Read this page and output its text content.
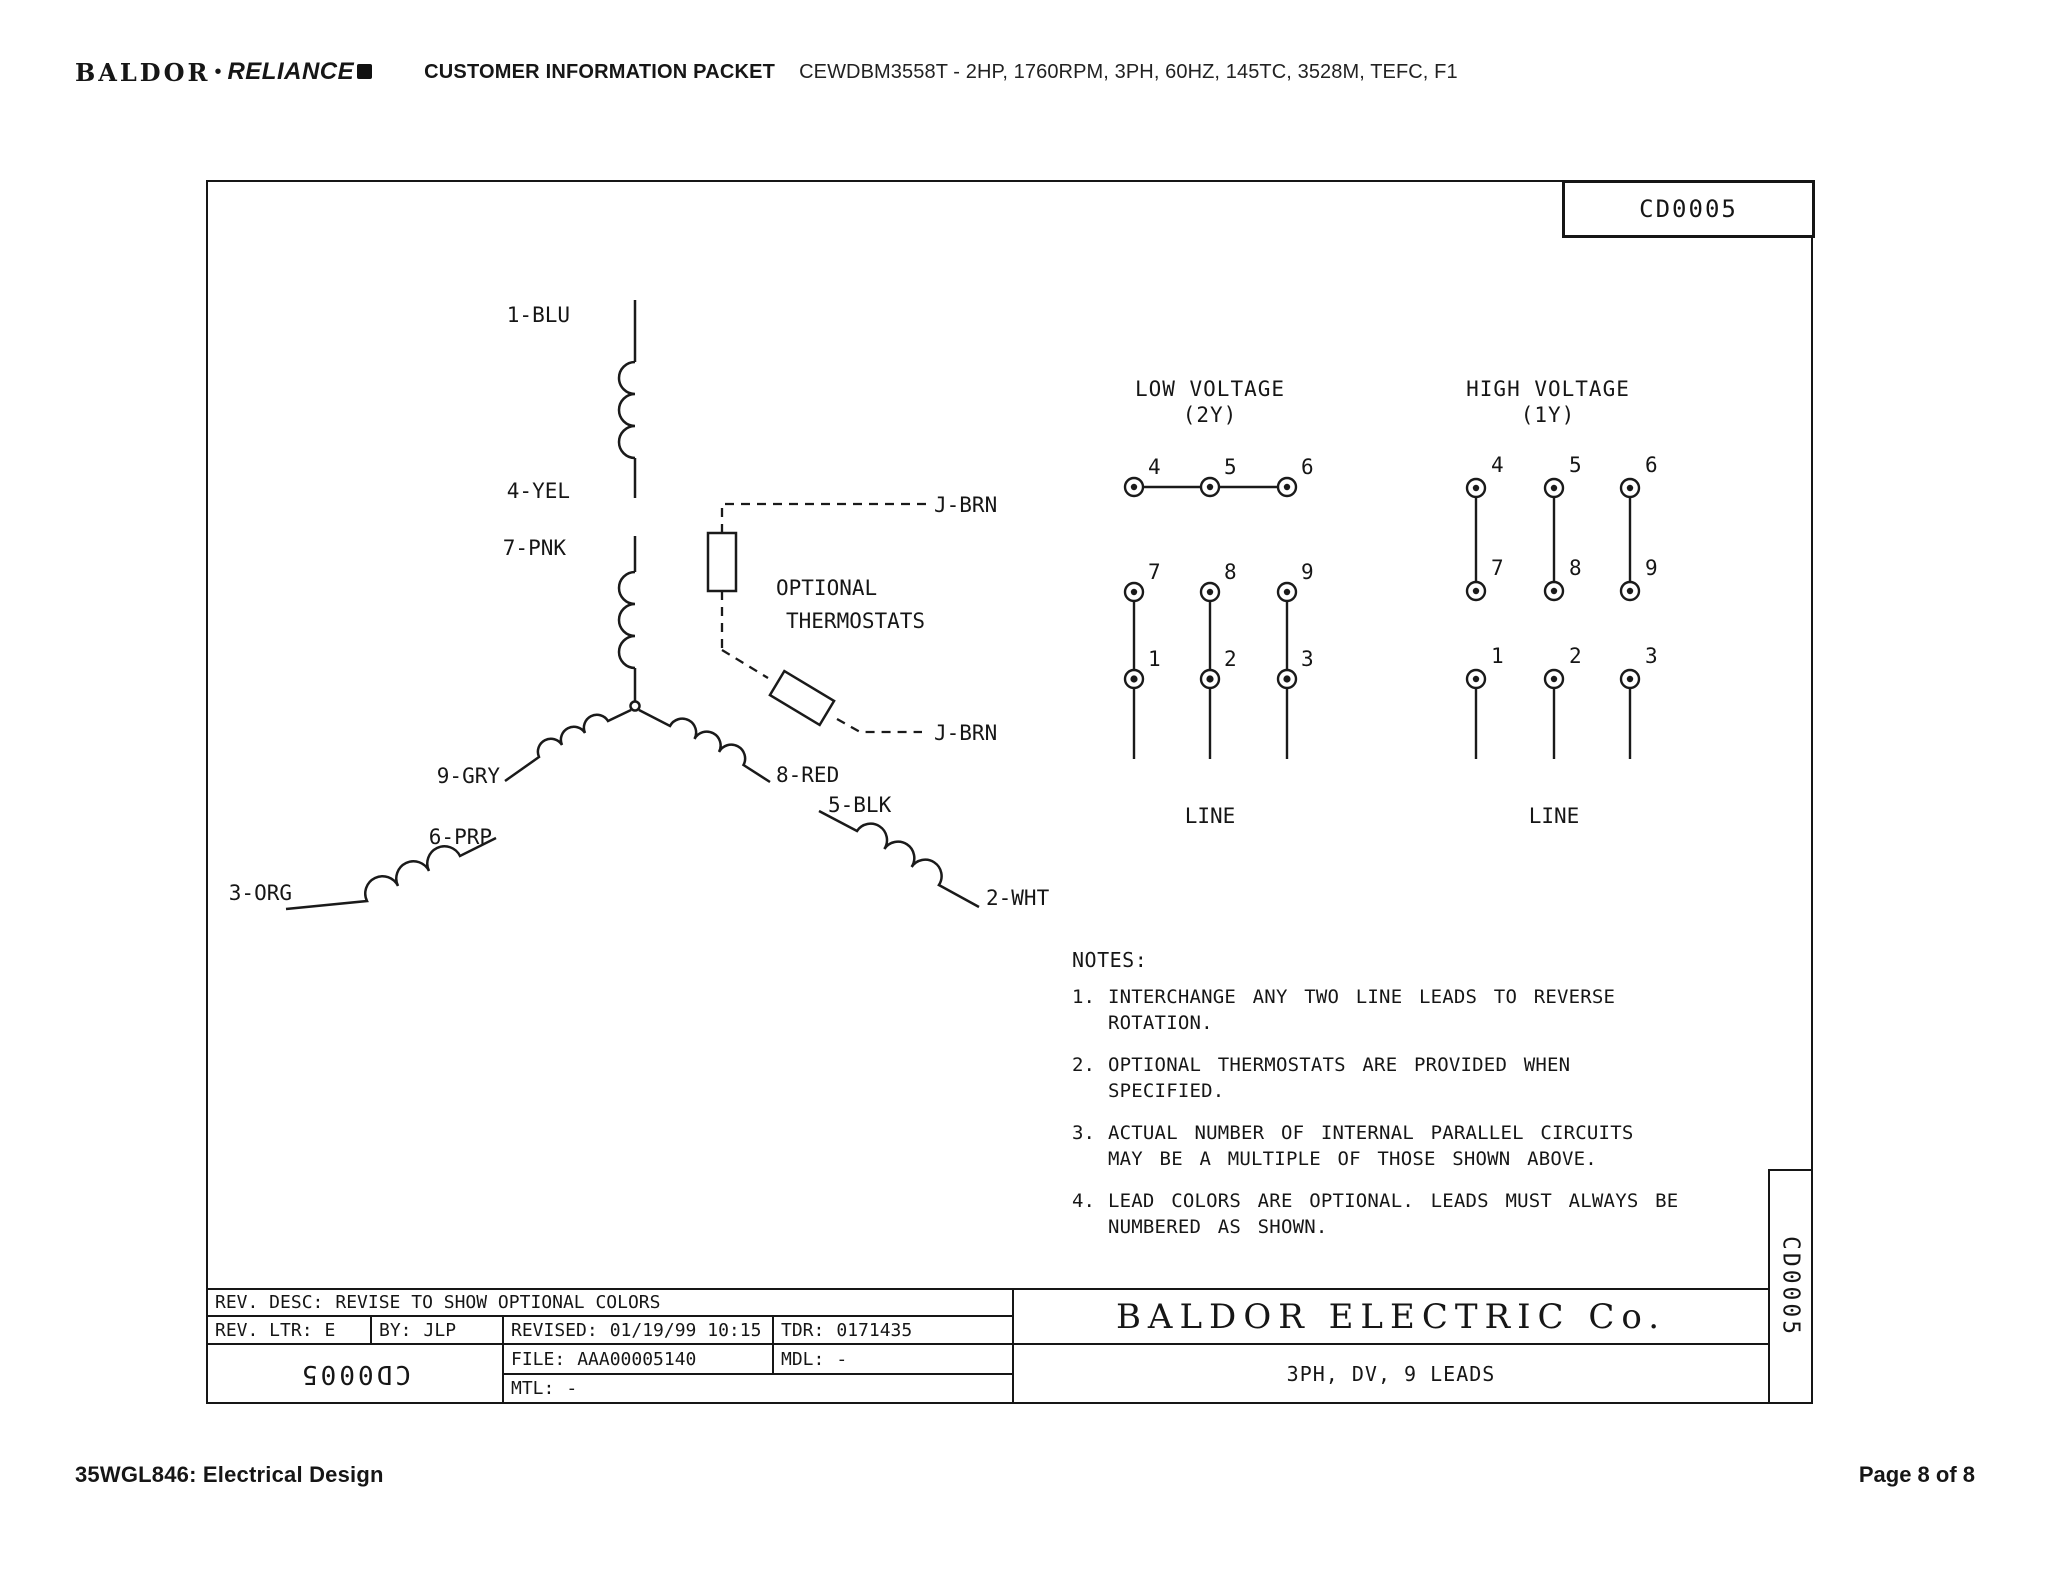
BALDOR • RELIANCE	CUSTOMER INFORMATION PACKET CEWDBM3558T - 2HP, 1760RPM, 3PH, 60HZ, 145TC, 3528M, TEFC, F1
1-BLU
4-YEL
7-PNK
9-GRY
6-PRP
3-ORG
8-RED
5-BLK
2-WHT
J-BRN
J-BRN
OPTIONAL
THERMOSTATS
LOW VOLTAGE
(2Y)
4	5	6
7	8	9
1	2	3
LINE
HIGH VOLTAGE
(1Y)
4	5	6
7	8	9
1	2	3
LINE
CD0005
NOTES:
1. INTERCHANGE ANY TWO LINE LEADS TO REVERSE
ROTATION.
2. OPTIONAL THERMOSTATS ARE PROVIDED WHEN
SPECIFIED.
3. ACTUAL NUMBER OF INTERNAL PARALLEL CIRCUITS
MAY BE A MULTIPLE OF THOSE SHOWN ABOVE.
4. LEAD COLORS ARE OPTIONAL. LEADS MUST ALWAYS BE
NUMBERED AS SHOWN.
REV. DESC: REVISE TO SHOW OPTIONAL COLORS
REV. LTR: E BY: JLP	REVISED: 01/19/99 10:15 TDR: 0171435
CD0005	FILE: AAA00005140	MDL: -
MTL: -
BALDOR ELECTRIC Co.
3PH, DV, 9 LEADS
CD0005
35WGL846: Electrical Design	Page 8 of 8
